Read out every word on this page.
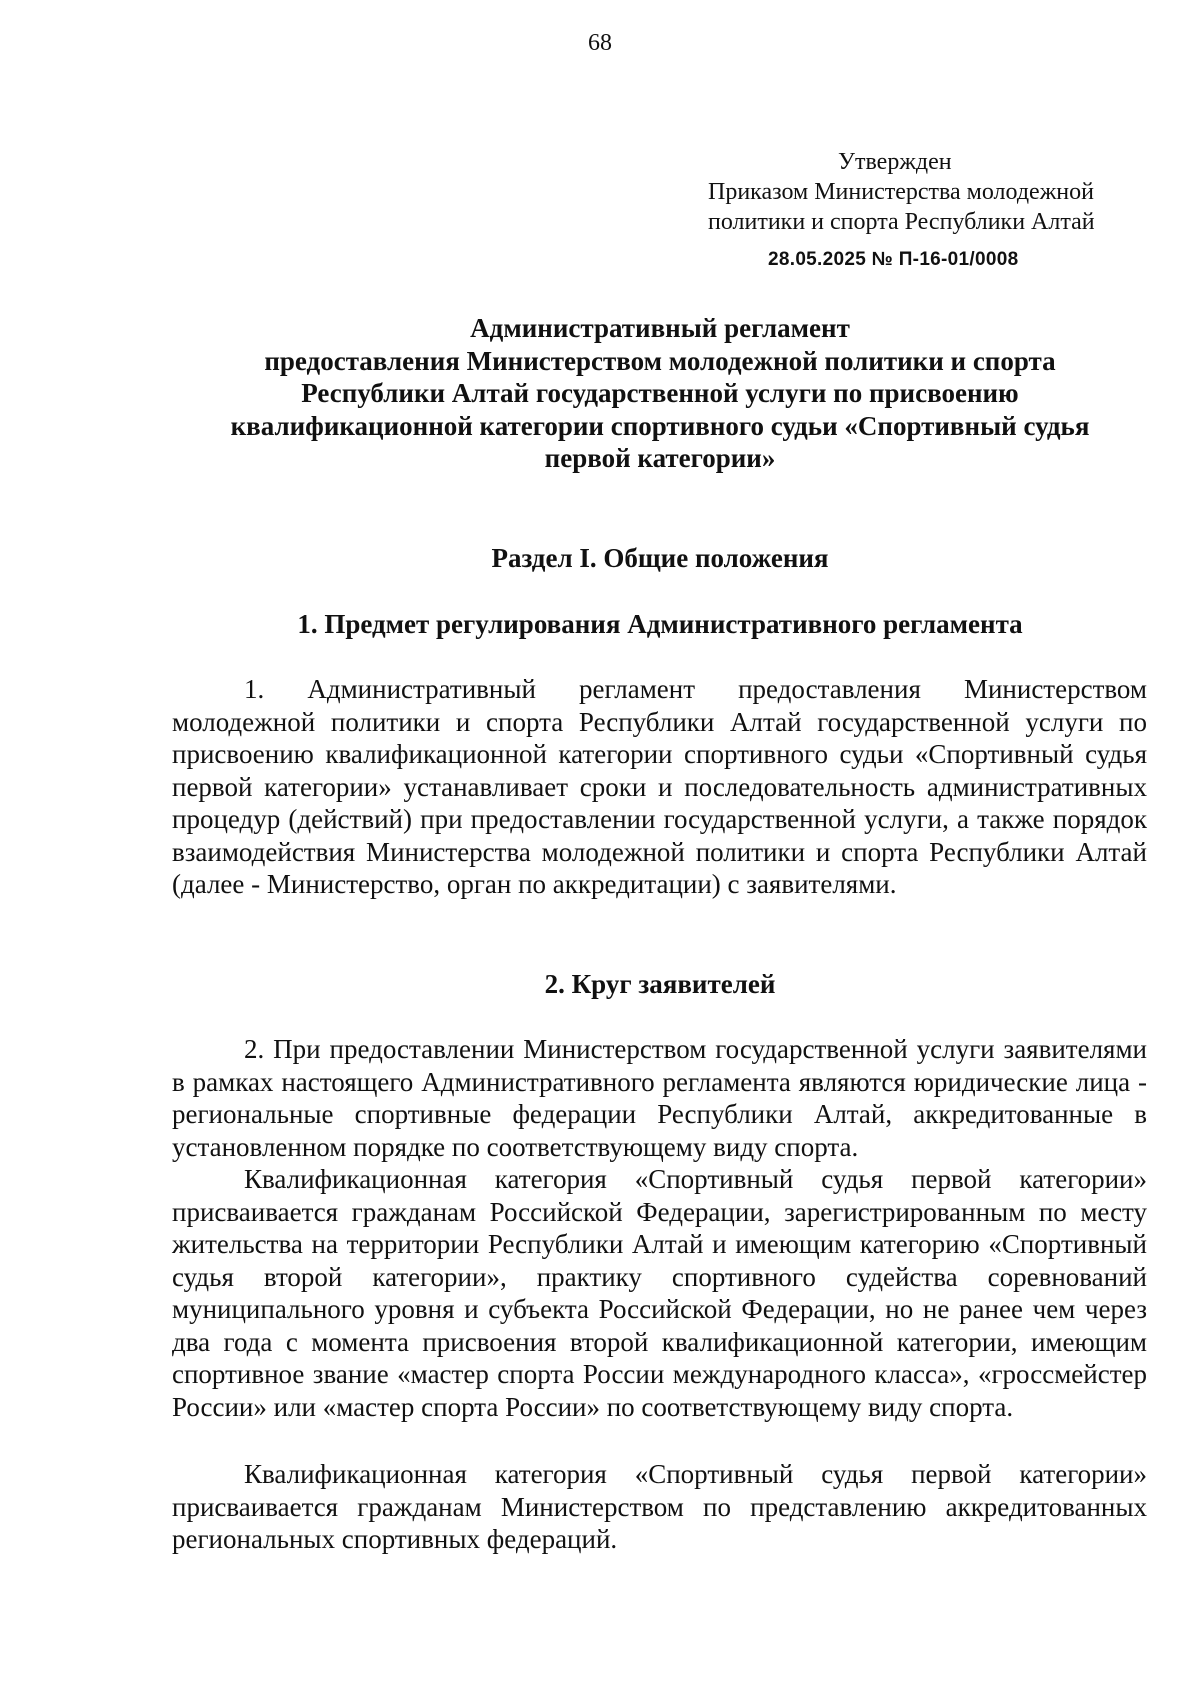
68
Утвержден
Приказом Министерства молодежной
политики и спорта Республики Алтай
28.05.2025 № П-16-01/0008
Административный регламент
предоставления Министерством молодежной политики и спорта
Республики Алтай государственной услуги по присвоению
квалификационной категории спортивного судьи «Спортивный судья
первой категории»
Раздел I. Общие положения
1. Предмет регулирования Административного регламента

1. Административный регламент предоставления Министерством молодежной политики и спорта Республики Алтай государственной услуги по присвоению квалификационной категории спортивного судьи «Спортивный судья первой категории» устанавливает сроки и последовательность административных процедур (действий) при предоставлении государственной услуги, а также порядок взаимодействия Министерства молодежной политики и спорта Республики Алтай (далее - Министерство, орган по аккредитации) с заявителями.

2. Круг заявителей

2. При предоставлении Министерством государственной услуги заявителями в рамках настоящего Административного регламента являются юридические лица - региональные спортивные федерации Республики Алтай, аккредитованные в установленном порядке по соответствующему виду спорта.

Квалификационная категория «Спортивный судья первой категории» присваивается гражданам Российской Федерации, зарегистрированным по месту жительства на территории Республики Алтай и имеющим категорию «Спортивный судья второй категории», практику спортивного судейства соревнований муниципального уровня и субъекта Российской Федерации, но не ранее чем через два года с момента присвоения второй квалификационной категории, имеющим спортивное звание «мастер спорта России международного класса», «гроссмейстер России» или «мастер спорта России» по соответствующему виду спорта.

Квалификационная категория «Спортивный судья первой категории» присваивается гражданам Министерством по представлению аккредитованных региональных спортивных федераций.
